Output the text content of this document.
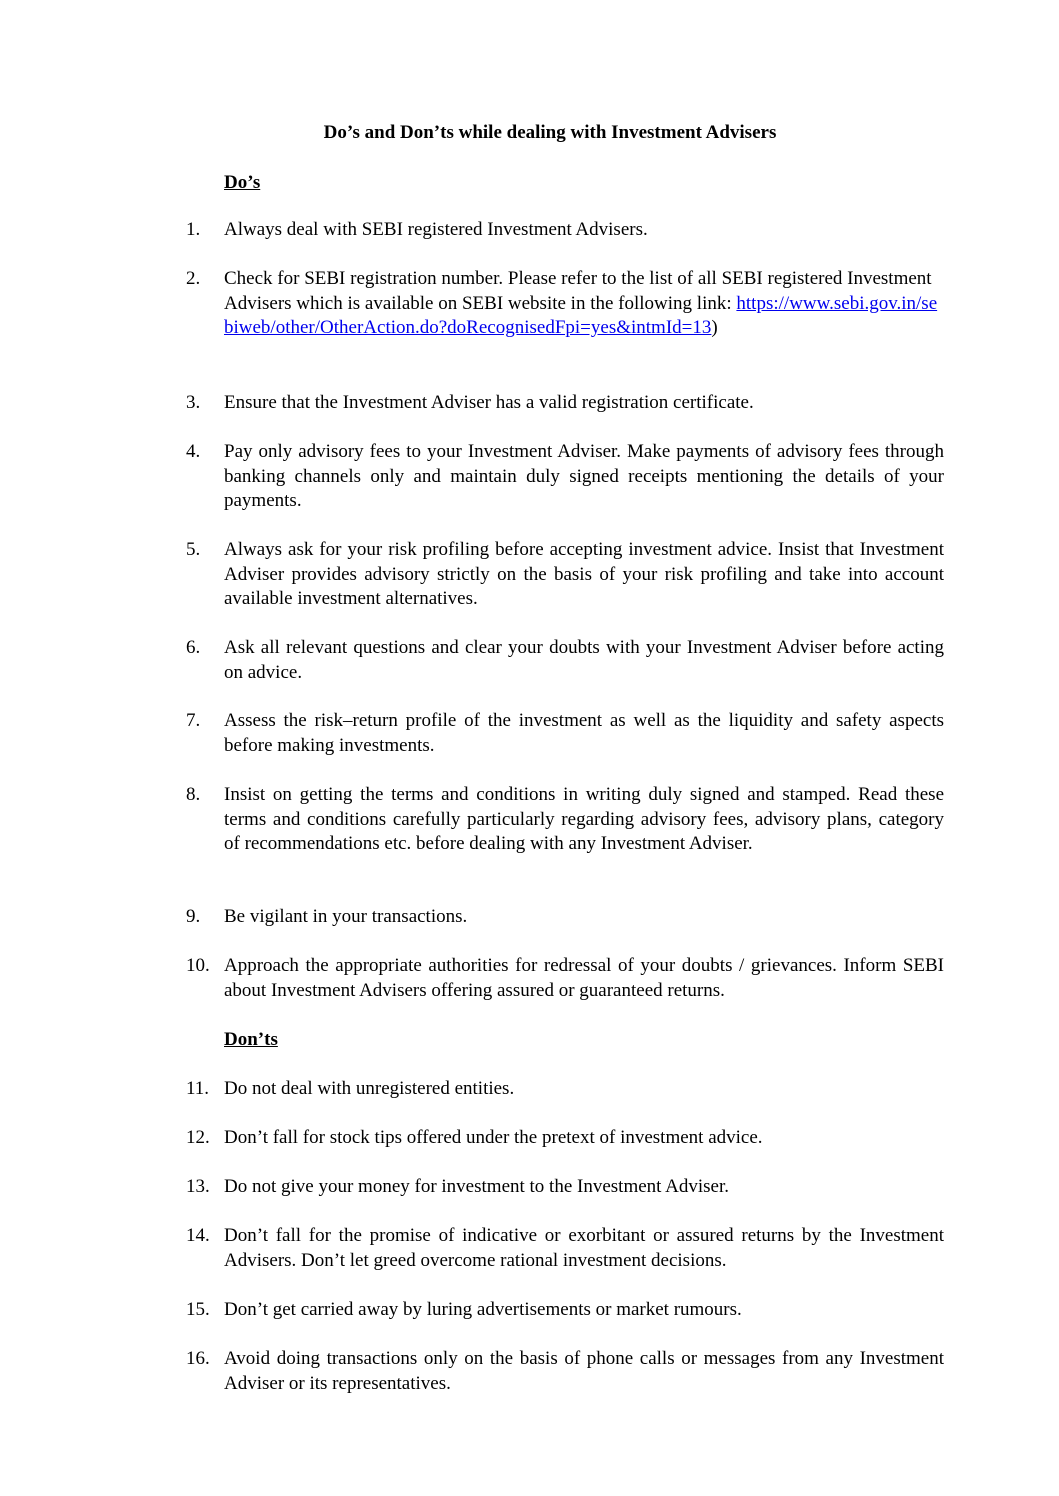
Do’s and Don’ts while dealing with Investment Advisers
Do’s
1.	Always deal with SEBI registered Investment Advisers.
2.	Check for SEBI registration number. Please refer to the list of all SEBI registered Investment Advisers which is available on SEBI website in the following link: https://www.sebi.gov.in/sebiweb/other/OtherAction.do?doRecognisedFpi=yes&intmId=13)
3.	Ensure that the Investment Adviser has a valid registration certificate.
4.	Pay only advisory fees to your Investment Adviser. Make payments of advisory fees through banking channels only and maintain duly signed receipts mentioning the details of your payments.
5.	Always ask for your risk profiling before accepting investment advice. Insist that Investment Adviser provides advisory strictly on the basis of your risk profiling and take into account available investment alternatives.
6.	Ask all relevant questions and clear your doubts with your Investment Adviser before acting on advice.
7.	Assess the risk–return profile of the investment as well as the liquidity and safety aspects before making investments.
8.	Insist on getting the terms and conditions in writing duly signed and stamped. Read these terms and conditions carefully particularly regarding advisory fees, advisory plans, category of recommendations etc. before dealing with any Investment Adviser.
9.	Be vigilant in your transactions.
10. Approach the appropriate authorities for redressal of your doubts / grievances. Inform SEBI about Investment Advisers offering assured or guaranteed returns.
Don’ts
11. Do not deal with unregistered entities.
12. Don’t fall for stock tips offered under the pretext of investment advice.
13. Do not give your money for investment to the Investment Adviser.
14. Don’t fall for the promise of indicative or exorbitant or assured returns by the Investment Advisers. Don’t let greed overcome rational investment decisions.
15. Don’t get carried away by luring advertisements or market rumours.
16. Avoid doing transactions only on the basis of phone calls or messages from any Investment Adviser or its representatives.
